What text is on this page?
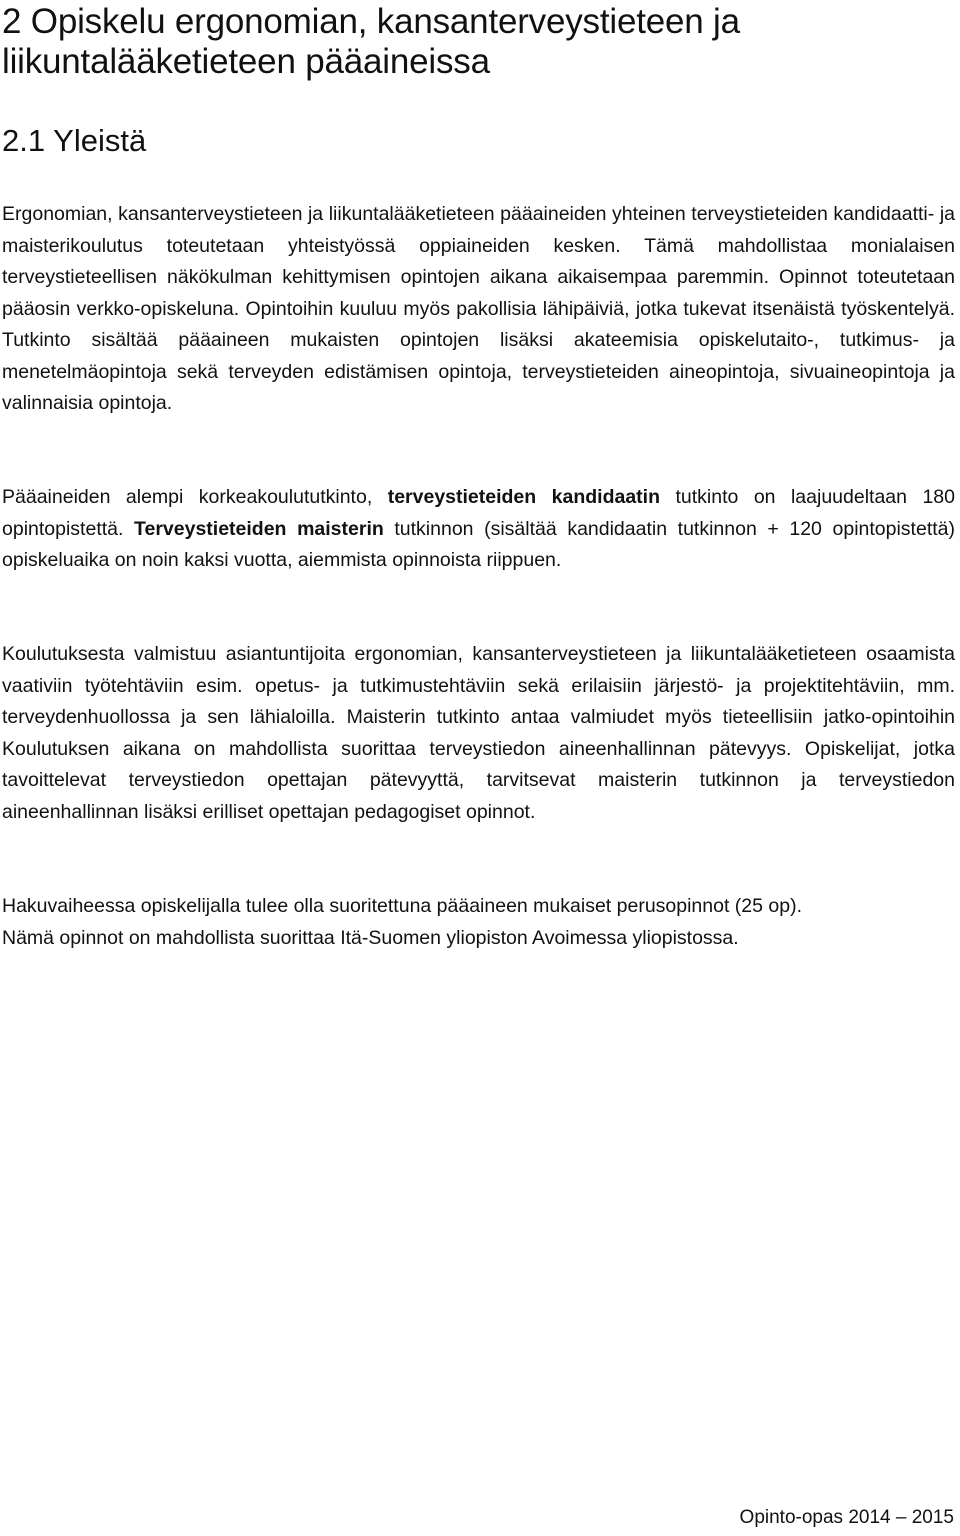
2 Opiskelu ergonomian, kansanterveystieteen ja liikuntalääketieteen pääaineissa
2.1 Yleistä

Ergonomian, kansanterveystieteen ja liikuntalääketieteen pääaineiden yhteinen terveystieteiden kandidaatti- ja maisterikoulutus toteutetaan yhteistyössä oppiaineiden kesken. Tämä mahdollistaa monialaisen terveystieteellisen näkökulman kehittymisen opintojen aikana aikaisempaa paremmin. Opinnot toteutetaan pääosin verkko-opiskeluna. Opintoihin kuuluu myös pakollisia lähipäiviä, jotka tukevat itsenäistä työskentelyä. Tutkinto sisältää pääaineen mukaisten opintojen lisäksi akateemisia opiskelutaito-, tutkimus- ja menetelmäopintoja sekä terveyden edistämisen opintoja, terveystieteiden aineopintoja, sivuaineopintoja ja valinnaisia opintoja.

Pääaineiden alempi korkeakoulututkinto, terveystieteiden kandidaatin tutkinto on laajuudeltaan 180 opintopistettä. Terveystieteiden maisterin tutkinnon (sisältää kandidaatin tutkinnon + 120 opintopistettä) opiskeluaika on noin kaksi vuotta, aiemmista opinnoista riippuen.

Koulutuksesta valmistuu asiantuntijoita ergonomian, kansanterveystieteen ja liikuntalääketieteen osaamista vaativiin työtehtäviin esim. opetus- ja tutkimustehtäviin sekä erilaisiin järjestö- ja projektitehtäviin, mm. terveydenhuollossa ja sen lähialoilla. Maisterin tutkinto antaa valmiudet myös tieteellisiin jatko-opintoihin Koulutuksen aikana on mahdollista suorittaa terveystiedon aineenhallinnan pätevyys. Opiskelijat, jotka tavoittelevat terveystiedon opettajan pätevyyttä, tarvitsevat maisterin tutkinnon ja terveystiedon aineenhallinnan lisäksi erilliset opettajan pedagogiset opinnot.

Hakuvaiheessa opiskelijalla tulee olla suoritettuna pääaineen mukaiset perusopinnot (25 op).
Nämä opinnot on mahdollista suorittaa Itä-Suomen yliopiston Avoimessa yliopistossa.

Opinto-opas 2014 – 2015
